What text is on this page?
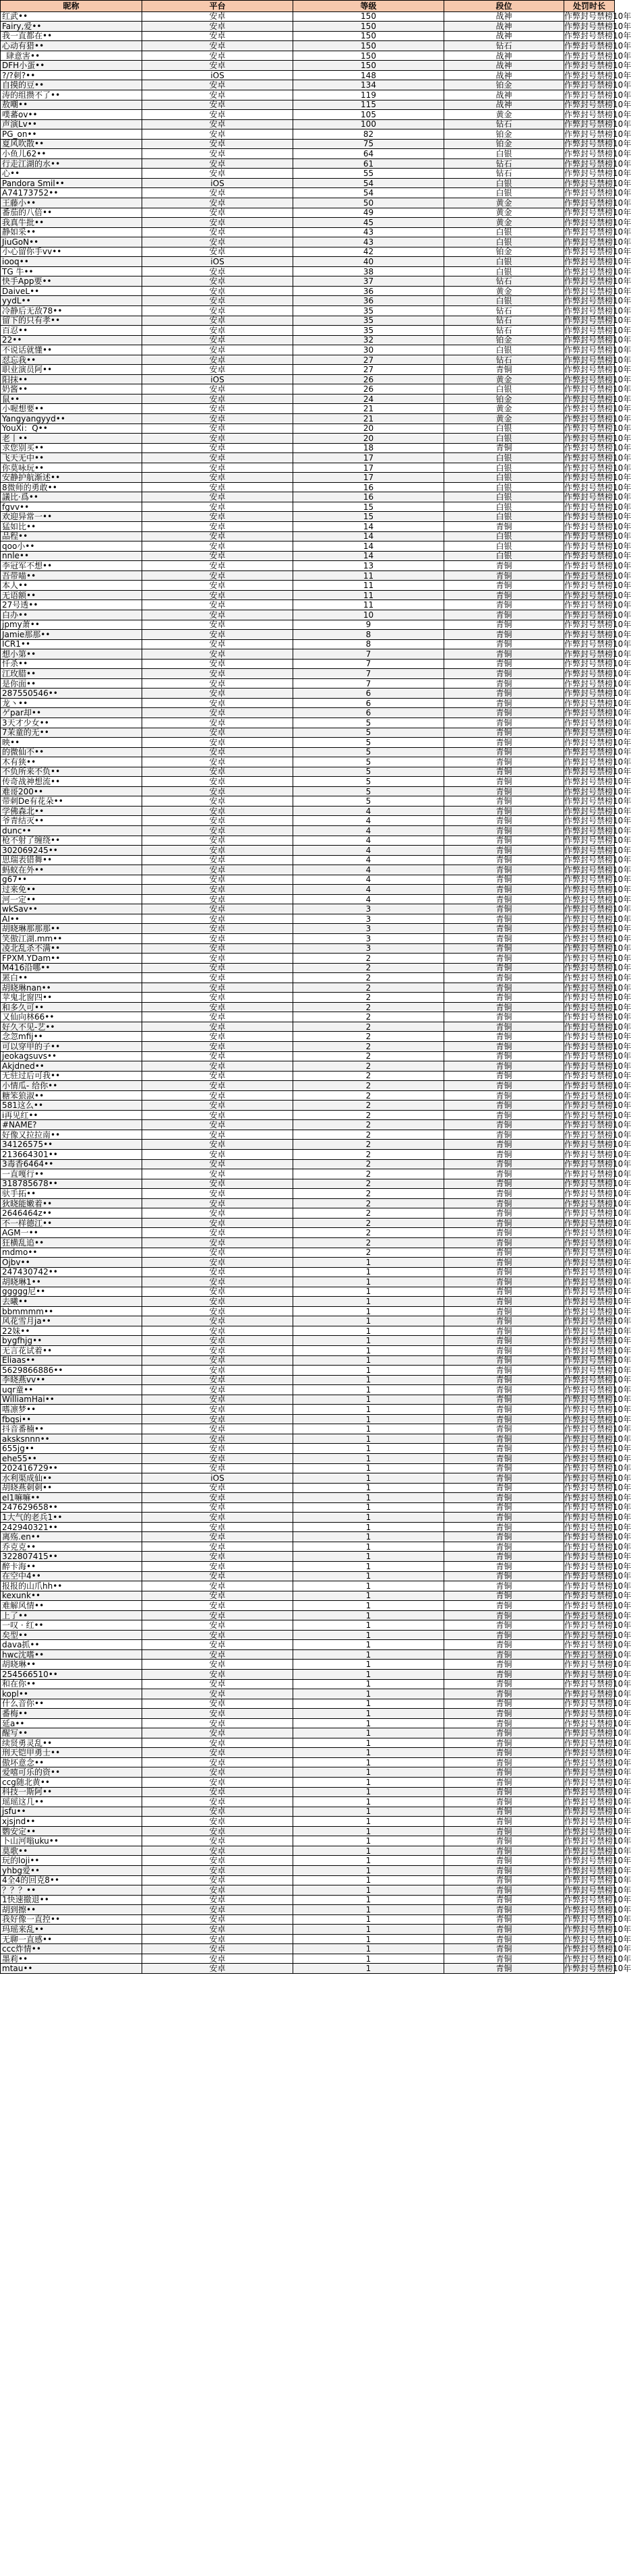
昵称	平台	等级	段位	处罚时长
红武••	安卓	150	战神	作弊封号禁榜10年
Fairy,爱••	安卓	150	战神	作弊封号禁榜10年
我一直都在••	安卓	150	战神	作弊封号禁榜10年
心动有猎••	安卓	150	钻石	作弊封号禁榜10年
_肆意害••	安卓	150	战神	作弊封号禁榜10年
DFH小蛋••	安卓	150	战神	作弊封号禁榜10年
?/?刺?••	iOS	148	战神	作弊封号禁榜10年
自摸的豆••	安卓	134	铂金	作弊封号禁榜10年
涛的组攒不了••	安卓	119	战神	作弊封号禁榜10年
敖嘲••	安卓	115	战神	作弊封号禁榜10年
噗蕃ov••	安卓	105	黄金	作弊封号禁榜10年
声演Lv••	安卓	100	钻石	作弊封号禁榜10年
PG_on••	安卓	82	铂金	作弊封号禁榜10年
夏风吹散••	安卓	75	铂金	作弊封号禁榜10年
小鱼儿62••	安卓	64	白银	作弊封号禁榜10年
行走江湖的水••	安卓	61	钻石	作弊封号禁榜10年
心••	安卓	55	钻石	作弊封号禁榜10年
Pandora Smil••	iOS	54	白银	作弊封号禁榜10年
A74173752••	安卓	54	白银	作弊封号禁榜10年
王藤小••	安卓	50	黄金	作弊封号禁榜10年
番茄的八倍••	安卓	49	黄金	作弊封号禁榜10年
我真牛批••	安卓	45	黄金	作弊封号禁榜10年
静如采••	安卓	43	白银	作弊封号禁榜10年
JiuGoN••	安卓	43	白银	作弊封号禁榜10年
小心留你手vv••	安卓	42	铂金	作弊封号禁榜10年
iooq••	iOS	40	白银	作弊封号禁榜10年
TG 牛••	安卓	38	白银	作弊封号禁榜10年
快手App要••	安卓	37	钻石	作弊封号禁榜10年
DaiveL••	安卓	36	黄金	作弊封号禁榜10年
yydL••	安卓	36	白银	作弊封号禁榜10年
冷静后无敌78••	安卓	35	钻石	作弊封号禁榜10年
留下的只有孝••	安卓	35	钻石	作弊封号禁榜10年
百忍••	安卓	35	钻石	作弊封号禁榜10年
22••	安卓	32	铂金	作弊封号禁榜10年
不说话就懂••	安卓	30	白银	作弊封号禁榜10年
怼忘我••	安卓	27	钻石	作弊封号禁榜10年
职业演员阿••	安卓	27	青铜	作弊封号禁榜10年
阳抹••	iOS	26	黄金	作弊封号禁榜10年
奶酱••	安卓	26	白银	作弊封号禁榜10年
鼠••	安卓	24	铂金	作弊封号禁榜10年
小喔想要••	安卓	21	黄金	作弊封号禁榜10年
Yangyangyyd••	安卓	21	黄金	作弊封号禁榜10年
YouXi：Q••	安卓	20	白银	作弊封号禁榜10年
老丨••	安卓	20	白银	作弊封号禁榜10年
求您别买••	安卓	18	青铜	作弊封号禁榜10年
飞天无中••	安卓	17	白银	作弊封号禁榜10年
你莫咏玩••	安卓	17	白银	作弊封号禁榜10年
安静护航渐述••	安卓	17	白银	作弊封号禁榜10年
8微师的勇敢••	安卓	16	白银	作弊封号禁榜10年
議比·爲••	安卓	16	白银	作弊封号禁榜10年
fgvv••	安卓	15	白银	作弊封号禁榜10年
欢迎异常一••	安卓	15	白银	作弊封号禁榜10年
猛如比••	安卓	14	青铜	作弊封号禁榜10年
品程••	安卓	14	白银	作弊封号禁榜10年
qoo小••	安卓	14	白银	作弊封号禁榜10年
nnle••	安卓	14	白银	作弊封号禁榜10年
李冠军不想••	安卓	13	青铜	作弊封号禁榜10年
吾带喵••	安卓	11	青铜	作弊封号禁榜10年
本人••	安卓	11	青铜	作弊封号禁榜10年
无语额••	安卓	11	青铜	作弊封号禁榜10年
27号透••	安卓	11	青铜	作弊封号禁榜10年
白办••	安卓	10	青铜	作弊封号禁榜10年
jpmy萧••	安卓	9	青铜	作弊封号禁榜10年
Jamie那那••	安卓	8	青铜	作弊封号禁榜10年
ICR1••	安卓	8	青铜	作弊封号禁榜10年
想小第••	安卓	7	青铜	作弊封号禁榜10年
忏杀••	安卓	7	青铜	作弊封号禁榜10年
江玫腊••	安卓	7	青铜	作弊封号禁榜10年
是你面••	安卓	7	青铜	作弊封号禁榜10年
287550546••	安卓	6	青铜	作弊封号禁榜10年
龙丶••	安卓	6	青铜	作弊封号禁榜10年
ゲpar却••	安卓	6	青铜	作弊封号禁榜10年
3天才少女••	安卓	5	青铜	作弊封号禁榜10年
7茉童的无••	安卓	5	青铜	作弊封号禁榜10年
映••	安卓	5	青铜	作弊封号禁榜10年
的微仙不••	安卓	5	青铜	作弊封号禁榜10年
木有狭••	安卓	5	青铜	作弊封号禁榜10年
不负所来不负••	安卓	5	青铜	作弊封号禁榜10年
传奇战神想流••	安卓	5	青铜	作弊封号禁榜10年
难哥200••	安卓	5	青铜	作弊封号禁榜10年
带刺De有花朵••	安卓	5	青铜	作弊封号禁榜10年
学佛森北••	安卓	4	青铜	作弊封号禁榜10年
爷青结灭••	安卓	4	青铜	作弊封号禁榜10年
dunc••	安卓	4	青铜	作弊封号禁榜10年
枪不射了缠绕••	安卓	4	青铜	作弊封号禁榜10年
302069245••	安卓	4	青铜	作弊封号禁榜10年
思瑞表错舞••	安卓	4	青铜	作弊封号禁榜10年
蚂蚁在外••	安卓	4	青铜	作弊封号禁榜10年
g67••	安卓	4	青铜	作弊封号禁榜10年
过来免••	安卓	4	青铜	作弊封号禁榜10年
河一定••	安卓	4	青铜	作弊封号禁榜10年
wkSav••	安卓	3	青铜	作弊封号禁榜10年
AI••	安卓	3	青铜	作弊封号禁榜10年
胡晓琳那那那••	安卓	3	青铜	作弊封号禁榜10年
笑傲江湖.mm••	安卓	3	青铜	作弊封号禁榜10年
凌北乱杀不满••	安卓	3	青铜	作弊封号禁榜10年
FPXM.YDam••	安卓	2	青铜	作弊封号禁榜10年
M416沿哪••	安卓	2	青铜	作弊封号禁榜10年
罴白••	安卓	2	青铜	作弊封号禁榜10年
胡晓琳nan••	安卓	2	青铜	作弊封号禁榜10年
苹鬼北窗四••	安卓	2	青铜	作弊封号禁榜10年
和多久可••	安卓	2	青铜	作弊封号禁榜10年
又仙向林66••	安卓	2	青铜	作弊封号禁榜10年
好久不见-艺••	安卓	2	青铜	作弊封号禁榜10年
念忽mfij••	安卓	2	青铜	作弊封号禁榜10年
可以穿甲的子••	安卓	2	青铜	作弊封号禁榜10年
jeokagsuvs••	安卓	2	青铜	作弊封号禁榜10年
Akjdned••	安卓	2	青铜	作弊封号禁榜10年
无驻过后可我••	安卓	2	青铜	作弊封号禁榜10年
小情瓜- 给你••	安卓	2	青铜	作弊封号禁榜10年
糖笨狼淑••	安卓	2	青铜	作弊封号禁榜10年
581这么••	安卓	2	青铜	作弊封号禁榜10年
i再见红••	安卓	2	青铜	作弊封号禁榜10年
#NAME?	安卓	2	青铜	作弊封号禁榜10年
好像又拉拉南••	安卓	2	青铜	作弊封号禁榜10年
34126575••	安卓	2	青铜	作弊封号禁榜10年
213664301••	安卓	2	青铜	作弊封号禁榜10年
3毒香6464••	安卓	2	青铜	作弊封号禁榜10年
一直嘎行••	安卓	2	青铜	作弊封号禁榜10年
318785678••	安卓	2	青铜	作弊封号禁榜10年
驮手拓••	安卓	2	青铜	作弊封号禁榜10年
狄晓能嫩着••	安卓	2	青铜	作弊封号禁榜10年
2646464z••	安卓	2	青铜	作弊封号禁榜10年
不一样德江••	安卓	2	青铜	作弊封号禁榜10年
AGM一••	安卓	2	青铜	作弊封号禁榜10年
狂横乱追••	安卓	2	青铜	作弊封号禁榜10年
mdmo••	安卓	2	青铜	作弊封号禁榜10年
Ojbv••	安卓	1	青铜	作弊封号禁榜10年
247430742••	安卓	1	青铜	作弊封号禁榜10年
胡晓琳1••	安卓	1	青铜	作弊封号禁榜10年
ggggg尼••	安卓	1	青铜	作弊封号禁榜10年
去曦••	安卓	1	青铜	作弊封号禁榜10年
bbmmmm••	安卓	1	青铜	作弊封号禁榜10年
风花雪月ja••	安卓	1	青铜	作弊封号禁榜10年
22妹••	安卓	1	青铜	作弊封号禁榜10年
bygfhjg••	安卓	1	青铜	作弊封号禁榜10年
无言花试着••	安卓	1	青铜	作弊封号禁榜10年
Eliaas••	安卓	1	青铜	作弊封号禁榜10年
5629866886••	安卓	1	青铜	作弊封号禁榜10年
李晓燕vv••	安卓	1	青铜	作弊封号禁榜10年
uqr童••	安卓	1	青铜	作弊封号禁榜10年
WilliamHai••	安卓	1	青铜	作弊封号禁榜10年
嗜凛梦••	安卓	1	青铜	作弊封号禁榜10年
fbqsi••	安卓	1	青铜	作弊封号禁榜10年
抖音番楠••	安卓	1	青铜	作弊封号禁榜10年
aksksnnn••	安卓	1	青铜	作弊封号禁榜10年
655jg••	安卓	1	青铜	作弊封号禁榜10年
ehe55••	安卓	1	青铜	作弊封号禁榜10年
202416729••	安卓	1	青铜	作弊封号禁榜10年
水利渠成仙••	iOS	1	青铜	作弊封号禁榜10年
胡晓燕刺刺••	安卓	1	青铜	作弊封号禁榜10年
el1嘛嘛••	安卓	1	青铜	作弊封号禁榜10年
247629658••	安卓	1	青铜	作弊封号禁榜10年
1大气的老兵1••	安卓	1	青铜	作弊封号禁榜10年
242940321••	安卓	1	青铜	作弊封号禁榜10年
离殇.en••	安卓	1	青铜	作弊封号禁榜10年
乔克克••	安卓	1	青铜	作弊封号禁榜10年
322807415••	安卓	1	青铜	作弊封号禁榜10年
醉卡海••	安卓	1	青铜	作弊封号禁榜10年
在空中4••	安卓	1	青铜	作弊封号禁榜10年
报报的山爪hh••	安卓	1	青铜	作弊封号禁榜10年
kexunk••	安卓	1	青铜	作弊封号禁榜10年
难解风情••	安卓	1	青铜	作弊封号禁榜10年
上了••	安卓	1	青铜	作弊封号禁榜10年
一叹 · 红••	安卓	1	青铜	作弊封号禁榜10年
矣型••	安卓	1	青铜	作弊封号禁榜10年
dava抓••	安卓	1	青铜	作弊封号禁榜10年
hwc沈嗜••	安卓	1	青铜	作弊封号禁榜10年
胡晓琳••	安卓	1	青铜	作弊封号禁榜10年
254566510••	安卓	1	青铜	作弊封号禁榜10年
和在你••	安卓	1	青铜	作弊封号禁榜10年
kopl••	安卓	1	青铜	作弊封号禁榜10年
什么音你••	安卓	1	青铜	作弊封号禁榜10年
番梅••	安卓	1	青铜	作弊封号禁榜10年
延a••	安卓	1	青铜	作弊封号禁榜10年
醒写••	安卓	1	青铜	作弊封号禁榜10年
续贤勇灵乱••	安卓	1	青铜	作弊封号禁榜10年
刑天铠甲勇士••	安卓	1	青铜	作弊封号禁榜10年
傲坏意念••	安卓	1	青铜	作弊封号禁榜10年
爱嘻可乐的资••	安卓	1	青铜	作弊封号禁榜10年
ccg随北黄••	安卓	1	青铜	作弊封号禁榜10年
科技一斯阿••	安卓	1	青铜	作弊封号禁榜10年
瑶瑶这几••	安卓	1	青铜	作弊封号禁榜10年
jsfu••	安卓	1	青铜	作弊封号禁榜10年
xjsjnd••	安卓	1	青铜	作弊封号禁榜10年
鹦安定••	安卓	1	青铜	作弊封号禁榜10年
卜山河嗡uku••	安卓	1	青铜	作弊封号禁榜10年
莫歌••	安卓	1	青铜	作弊封号禁榜10年
玩的loji••	安卓	1	青铜	作弊封号禁榜10年
yhbg爱••	安卓	1	青铜	作弊封号禁榜10年
4全4的回克8••	安卓	1	青铜	作弊封号禁榜10年
？？？••	安卓	1	青铜	作弊封号禁榜10年
1快速撤退••	安卓	1	青铜	作弊封号禁榜10年
胡到擦••	安卓	1	青铜	作弊封号禁榜10年
我好像一直控••	安卓	1	青铜	作弊封号禁榜10年
玛瑶来乱••	安卓	1	青铜	作弊封号禁榜10年
无聊一直感••	安卓	1	青铜	作弊封号禁榜10年
ccc炸情••	安卓	1	青铜	作弊封号禁榜10年
墨莉••	安卓	1	青铜	作弊封号禁榜10年
mtau••	安卓	1	青铜	作弊封号禁榜10年
